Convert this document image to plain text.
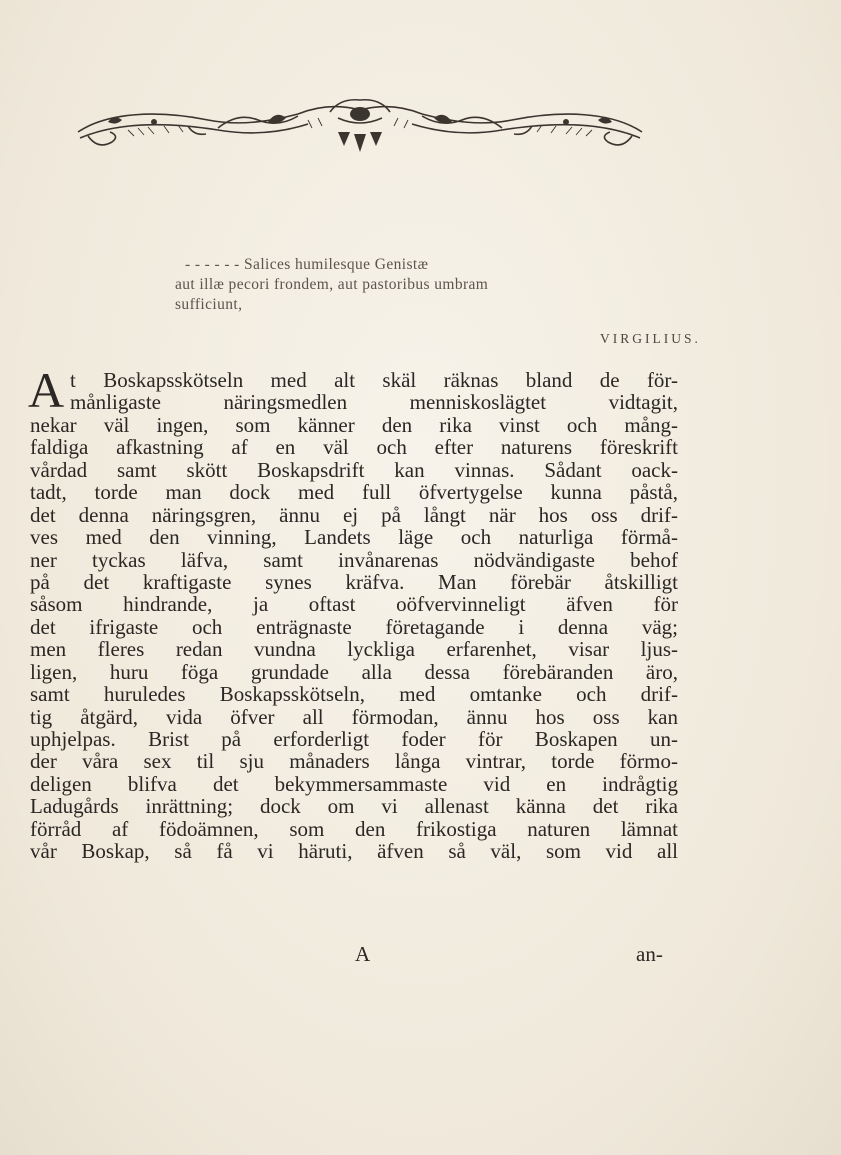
- - - - - - Salices humilesque Genistæ
aut illæ pecori frondem, aut pastoribus umbram
sufficiunt,
VIRGILIUS.
A t Boskapsskötseln med alt skäl räknas bland de för-
månligaste näringsmedlen menniskoslägtet vidtagit,
nekar väl ingen, som känner den rika vinst och mång-
faldiga afkastning af en väl och efter naturens föreskrift
vårdad samt skött Boskapsdrift kan vinnas. Sådant oack-
tadt, torde man dock med full öfvertygelse kunna påstå,
det denna näringsgren, ännu ej på långt när hos oss drif-
ves med den vinning, Landets läge och naturliga förmå-
ner tyckas läfva, samt invånarenas nödvändigaste behof
på det kraftigaste synes kräfva. Man förebär åtskilligt
såsom hindrande, ja oftast oöfvervinneligt äfven för
det ifrigaste och enträgnaste företagande i denna väg;
men fleres redan vundna lyckliga erfarenhet, visar ljus-
ligen, huru föga grundade alla dessa förebäranden äro,
samt huruledes Boskapsskötseln, med omtanke och drif-
tig åtgärd, vida öfver all förmodan, ännu hos oss kan
uphjelpas. Brist på erforderligt foder för Boskapen un-
der våra sex til sju månaders långa vintrar, torde förmo-
deligen blifva det bekymmersammaste vid en indrågtig
Ladugårds inrättning; dock om vi allenast känna det rika
förråd af födoämnen, som den frikostiga naturen lämnat
vår Boskap, så få vi häruti, äfven så väl, som vid all
A	an-
